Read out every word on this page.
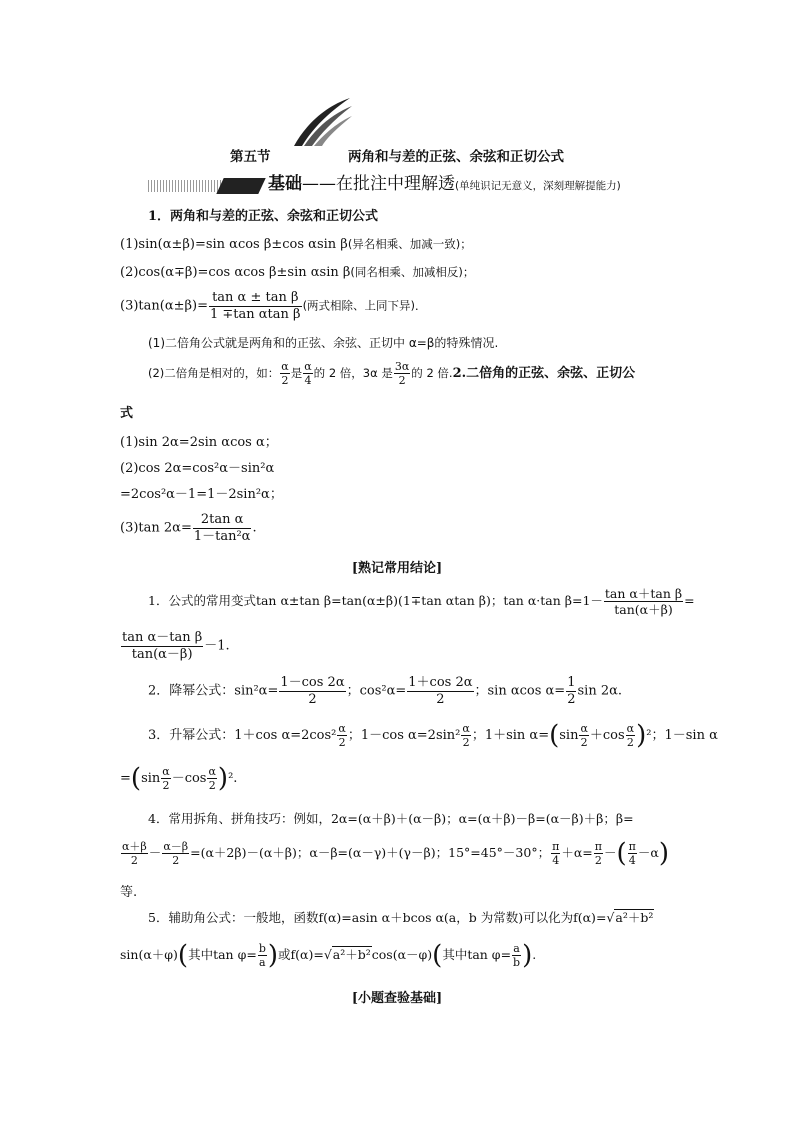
第五节	两角和与差的正弦、余弦和正切公式
基础——在批注中理解透(单纯识记无意义，深刻理解提能力)
1．两角和与差的正弦、余弦和正切公式
(1)sin(α±β)=sin αcos β±cos αsin β(异名相乘、加减一致)；
(2)cos(α∓β)=cos αcos β±sin αsin β(同名相乘、加减相反)；
$(3)\tan(\alpha\pm\beta)= \frac{\text{tan α ± tan β}}{\text{1 ∓tan αtan β}}$ (两式相除、上同下异)．
(1)二倍角公式就是两角和的正弦、余弦、正切中 α=β的特殊情况.
(2)二倍角是相对的，如： $\frac{\alpha}{2}$ 是 $\frac{\alpha}{4}$ 的 2 倍，3α 是 $\frac{3\alpha}{2}$ 的 2 倍.2.二倍角的正弦、余弦、正切公
式
(1)sin 2α=2sin αcos α；
(2)cos 2α=cos²α－sin²α
=2cos²α－1=1－2sin²α；
(3)tan $2\alpha= \frac{\text{2tan α}}{\text{1－tan²α}}$ .
[熟记常用结论]
1．公式的常用变式tan α±tan β=tan(α±β)(1∓tan αtan β)；tan α·tan $\beta=1- \frac{\text{tan α＋tan β}}{\tan(\alpha+\beta)}$ =
$\frac{\text{tan α－tan β}}{\tan(\alpha-\beta)} -1$.
2．降幂公式：$\sin^2\alpha= \frac{1-\cos 2\alpha}{2}$ ；$\cos^2\alpha= \frac{1+\cos 2\alpha}{2}$ ；sin αcos $\alpha= \frac{1}{2}$ sin 2α.
3．升幂公式：1＋cos $\alpha=2\cos^2 \frac{\alpha}{2}$ ；1－cos $\alpha=2\sin^2 \frac{\alpha}{2}$ ；1＋sin $\alpha=(\sin \frac{\alpha}{2} +\cos \frac{\alpha}{2} )^2$；1－sin α
$=(\sin \frac{\alpha}{2} -\cos \frac{\alpha}{2} )^2$.
4．常用拆角、拼角技巧：例如，2α=(α＋β)＋(α－β)；α=(α＋β)－β=(α－β)＋β；β=
$\frac{\alpha+\beta}{2} - \frac{\alpha-\beta}{2} =(\alpha+2\beta)-(\alpha+\beta)$；α－β=(α－γ)＋(γ－β)；15°=45°－30°； $\frac{\pi}{4} +\alpha= \frac{\pi}{2}$ －( $\frac{\pi}{4} -\alpha$)
等.
5．辅助角公式：一般地，函数f(α)=asin α＋bcos α(a，b 为常数)可以化为f(α)=√a²＋b²
sin(α＋φ)(其中$\tan \varphi= \frac{b}{a}$ )或f(α)=√a²＋b²cos(α－φ)(其中$\tan \varphi= \frac{a}{b}$ ).
[小题查验基础]
